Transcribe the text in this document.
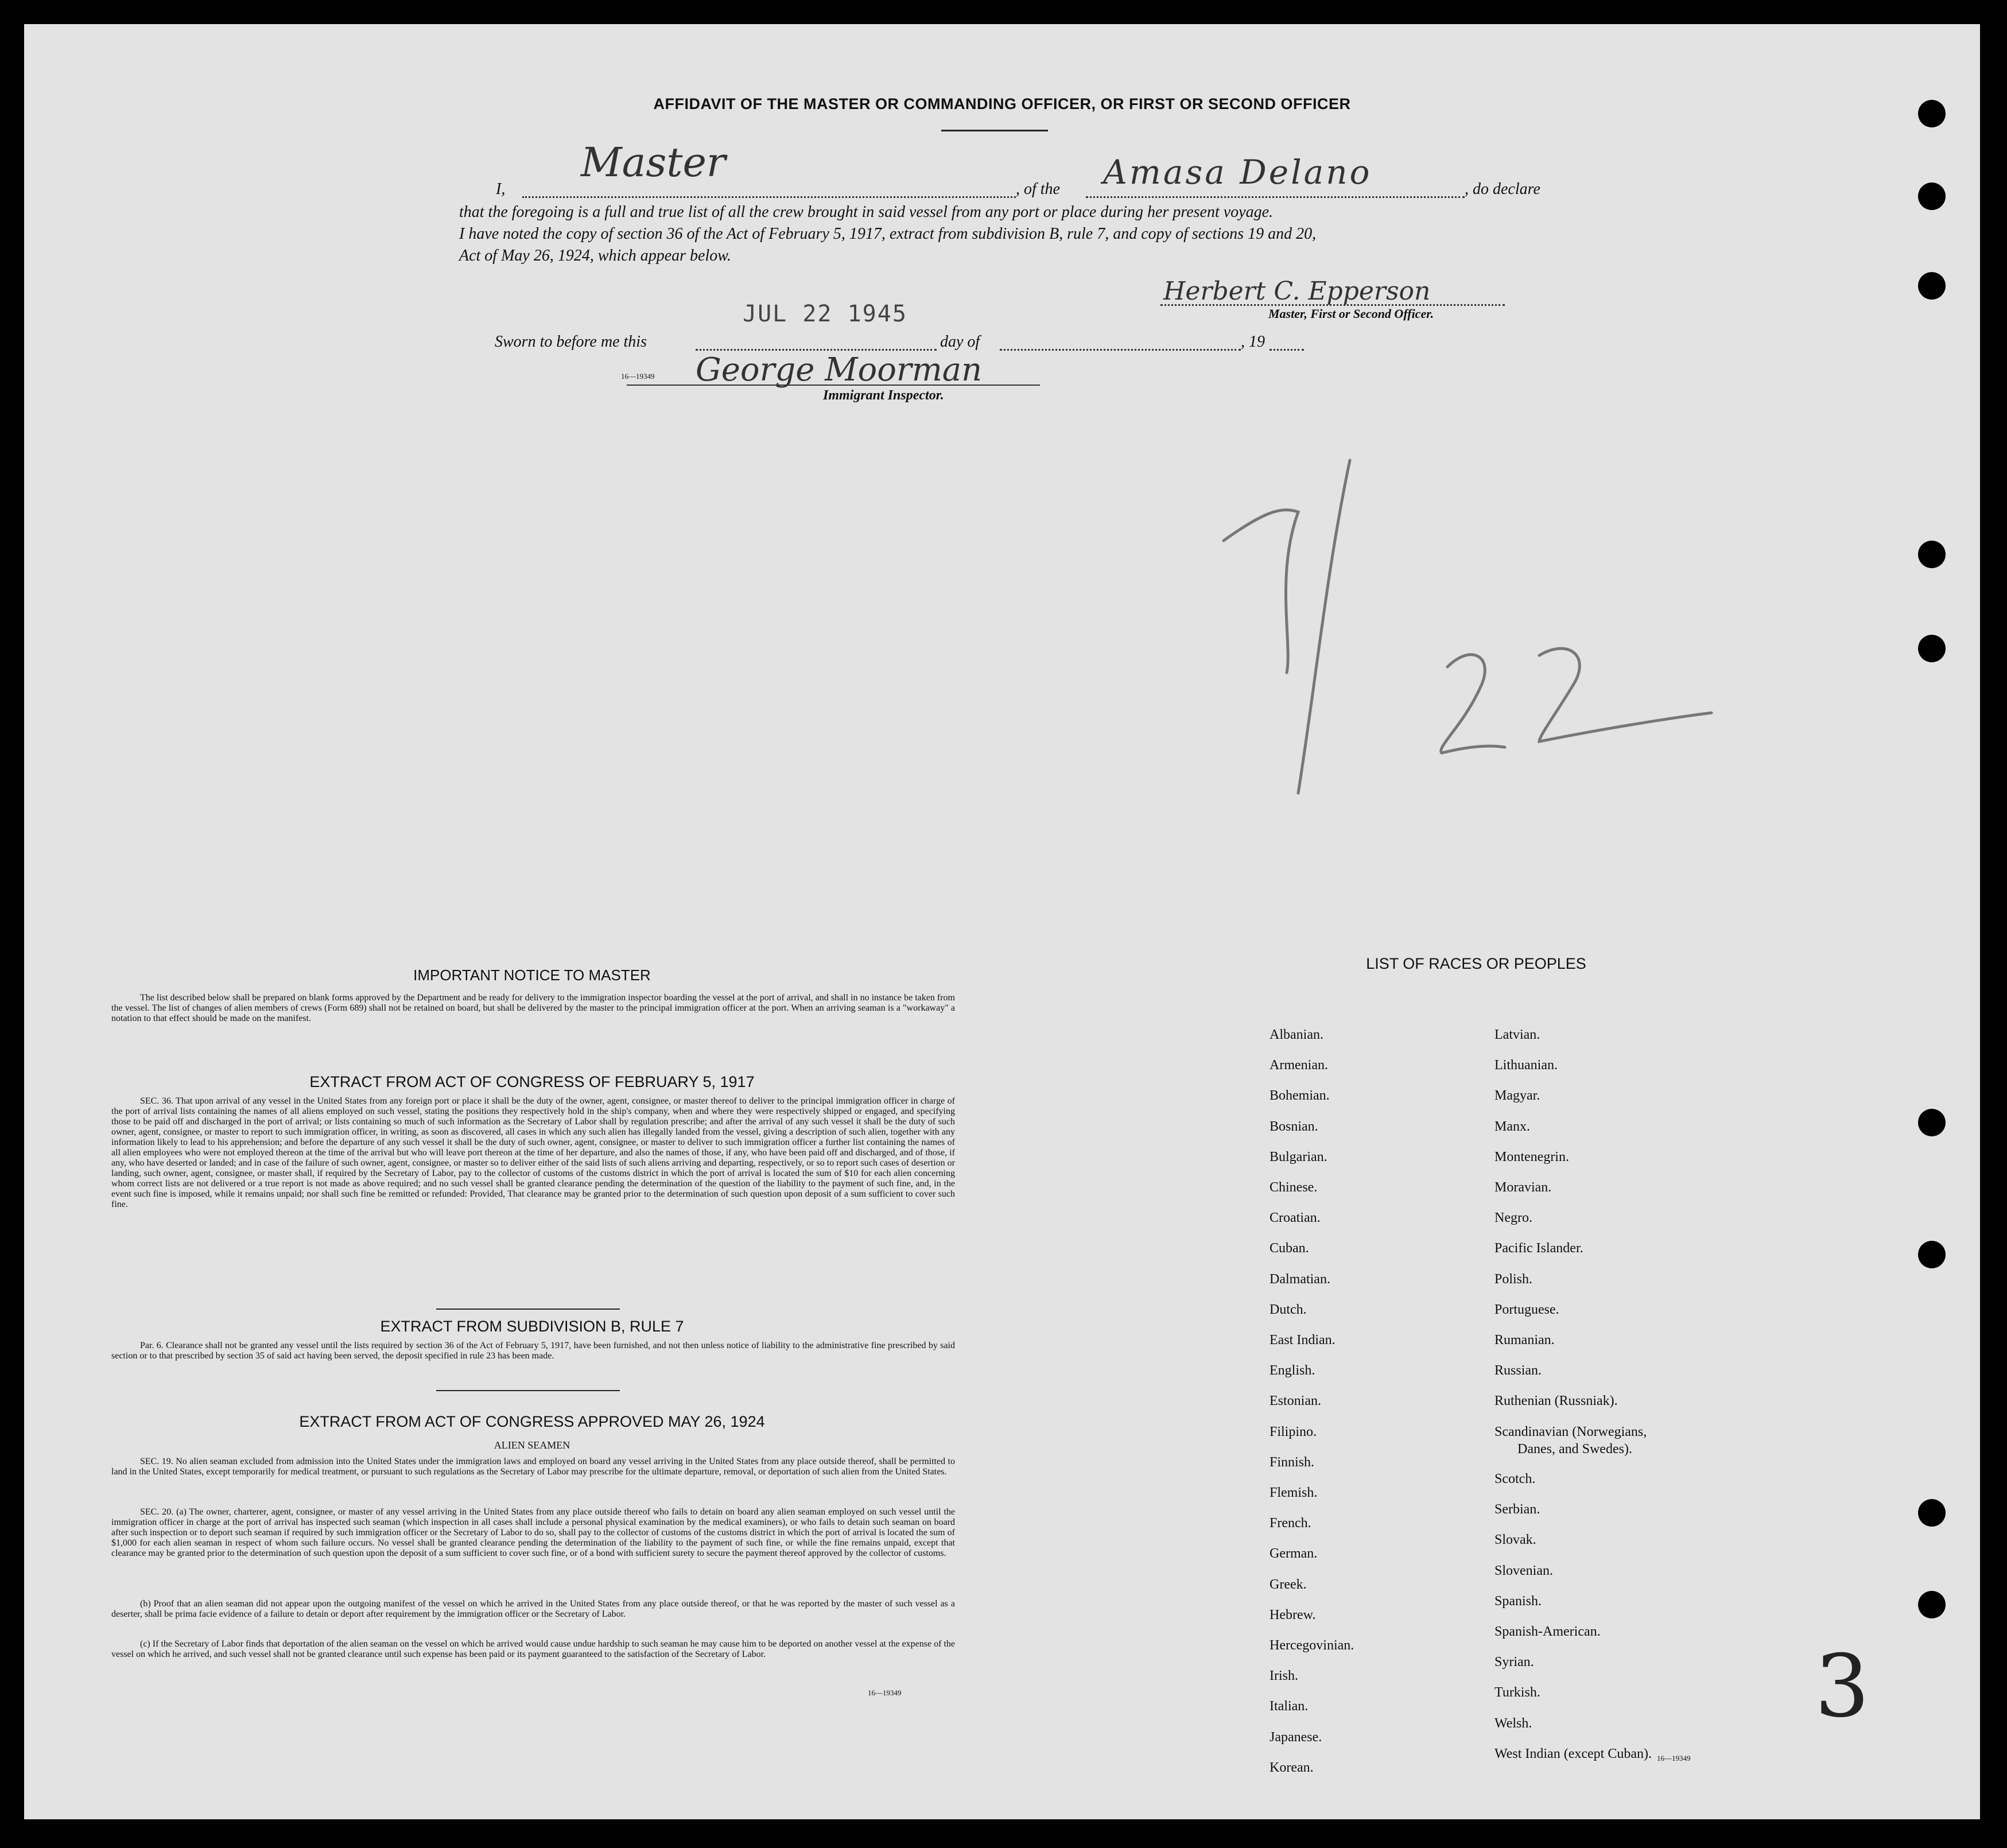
AFFIDAVIT OF THE MASTER OR COMMANDING OFFICER, OR FIRST OR SECOND OFFICER
I,
Master
, of the Amasa Delano	, do declare
that the foregoing is a full and true list of all the crew brought in said vessel from any port or place during her present voyage.
I have noted the copy of section 36 of the Act of February 5, 1917, extract from subdivision B, rule 7, and copy of sections 19 and 20,
Act of May 26, 1924, which appear below.
Herbert C. Epperson
Master, First or Second Officer.
Sworn to before me this
JUL 22 1945
day of	, 19
George Moorman
16—19349
Immigrant Inspector.
3
IMPORTANT NOTICE TO MASTER
The list described below shall be prepared on blank forms approved by the Department and be ready for delivery to the immigration inspector boarding the vessel at the port of arrival, and shall in no instance be taken from the vessel. The list of changes of alien members of crews (Form 689) shall not be retained on board, but shall be delivered by the master to the principal immigration officer at the port. When an arriving seaman is a "workaway" a notation to that effect should be made on the manifest.
EXTRACT FROM ACT OF CONGRESS OF FEBRUARY 5, 1917
SEC. 36. That upon arrival of any vessel in the United States from any foreign port or place it shall be the duty of the owner, agent, consignee, or master thereof to deliver to the principal immigration officer in charge of the port of arrival lists containing the names of all aliens employed on such vessel, stating the positions they respectively hold in the ship's company, when and where they were respectively shipped or engaged, and specifying those to be paid off and discharged in the port of arrival; or lists containing so much of such information as the Secretary of Labor shall by regulation prescribe; and after the arrival of any such vessel it shall be the duty of such owner, agent, consignee, or master to report to such immigration officer, in writing, as soon as discovered, all cases in which any such alien has illegally landed from the vessel, giving a description of such alien, together with any information likely to lead to his apprehension; and before the departure of any such vessel it shall be the duty of such owner, agent, consignee, or master to deliver to such immigration officer a further list containing the names of all alien employees who were not employed thereon at the time of the arrival but who will leave port thereon at the time of her departure, and also the names of those, if any, who have been paid off and discharged, and of those, if any, who have deserted or landed; and in case of the failure of such owner, agent, consignee, or master so to deliver either of the said lists of such aliens arriving and departing, respectively, or so to report such cases of desertion or landing, such owner, agent, consignee, or master shall, if required by the Secretary of Labor, pay to the collector of customs of the customs district in which the port of arrival is located the sum of $10 for each alien concerning whom correct lists are not delivered or a true report is not made as above required; and no such vessel shall be granted clearance pending the determination of the question of the liability to the payment of such fine, and, in the event such fine is imposed, while it remains unpaid; nor shall such fine be remitted or refunded: Provided, That clearance may be granted prior to the determination of such question upon deposit of a sum sufficient to cover such fine.
EXTRACT FROM SUBDIVISION B, RULE 7
Par. 6. Clearance shall not be granted any vessel until the lists required by section 36 of the Act of February 5, 1917, have been furnished, and not then unless notice of liability to the administrative fine prescribed by said section or to that prescribed by section 35 of said act having been served, the deposit specified in rule 23 has been made.
EXTRACT FROM ACT OF CONGRESS APPROVED MAY 26, 1924
ALIEN SEAMEN
SEC. 19. No alien seaman excluded from admission into the United States under the immigration laws and employed on board any vessel arriving in the United States from any place outside thereof, shall be permitted to land in the United States, except temporarily for medical treatment, or pursuant to such regulations as the Secretary of Labor may prescribe for the ultimate departure, removal, or deportation of such alien from the United States.
SEC. 20. (a) The owner, charterer, agent, consignee, or master of any vessel arriving in the United States from any place outside thereof who fails to detain on board any alien seaman employed on such vessel until the immigration officer in charge at the port of arrival has inspected such seaman (which inspection in all cases shall include a personal physical examination by the medical examiners), or who fails to detain such seaman on board after such inspection or to deport such seaman if required by such immigration officer or the Secretary of Labor to do so, shall pay to the collector of customs of the customs district in which the port of arrival is located the sum of $1,000 for each alien seaman in respect of whom such failure occurs. No vessel shall be granted clearance pending the determination of the liability to the payment of such fine, or while the fine remains unpaid, except that clearance may be granted prior to the determination of such question upon the deposit of a sum sufficient to cover such fine, or of a bond with sufficient surety to secure the payment thereof approved by the collector of customs.
(b) Proof that an alien seaman did not appear upon the outgoing manifest of the vessel on which he arrived in the United States from any place outside thereof, or that he was reported by the master of such vessel as a deserter, shall be prima facie evidence of a failure to detain or deport after requirement by the immigration officer or the Secretary of Labor.
(c) If the Secretary of Labor finds that deportation of the alien seaman on the vessel on which he arrived would cause undue hardship to such seaman he may cause him to be deported on another vessel at the expense of the vessel on which he arrived, and such vessel shall not be granted clearance until such expense has been paid or its payment guaranteed to the satisfaction of the Secretary of Labor.
16—19349
LIST OF RACES OR PEOPLES
Albanian.
Armenian.
Bohemian.
Bosnian.
Bulgarian.
Chinese.
Croatian.
Cuban.
Dalmatian.
Dutch.
East Indian.
English.
Estonian.
Filipino.
Finnish.
Flemish.
French.
German.
Greek.
Hebrew.
Hercegovinian.
Irish.
Italian.
Japanese.
Korean.
Latvian.
Lithuanian.
Magyar.
Manx.
Montenegrin.
Moravian.
Negro.
Pacific Islander.
Polish.
Portuguese.
Rumanian.
Russian.
Ruthenian (Russniak).
Scandinavian (Norwegians,
Danes, and Swedes).
Scotch.
Serbian.
Slovak.
Slovenian.
Spanish.
Spanish-American.
Syrian.
Turkish.
Welsh.
West Indian (except Cuban). 16—19349
